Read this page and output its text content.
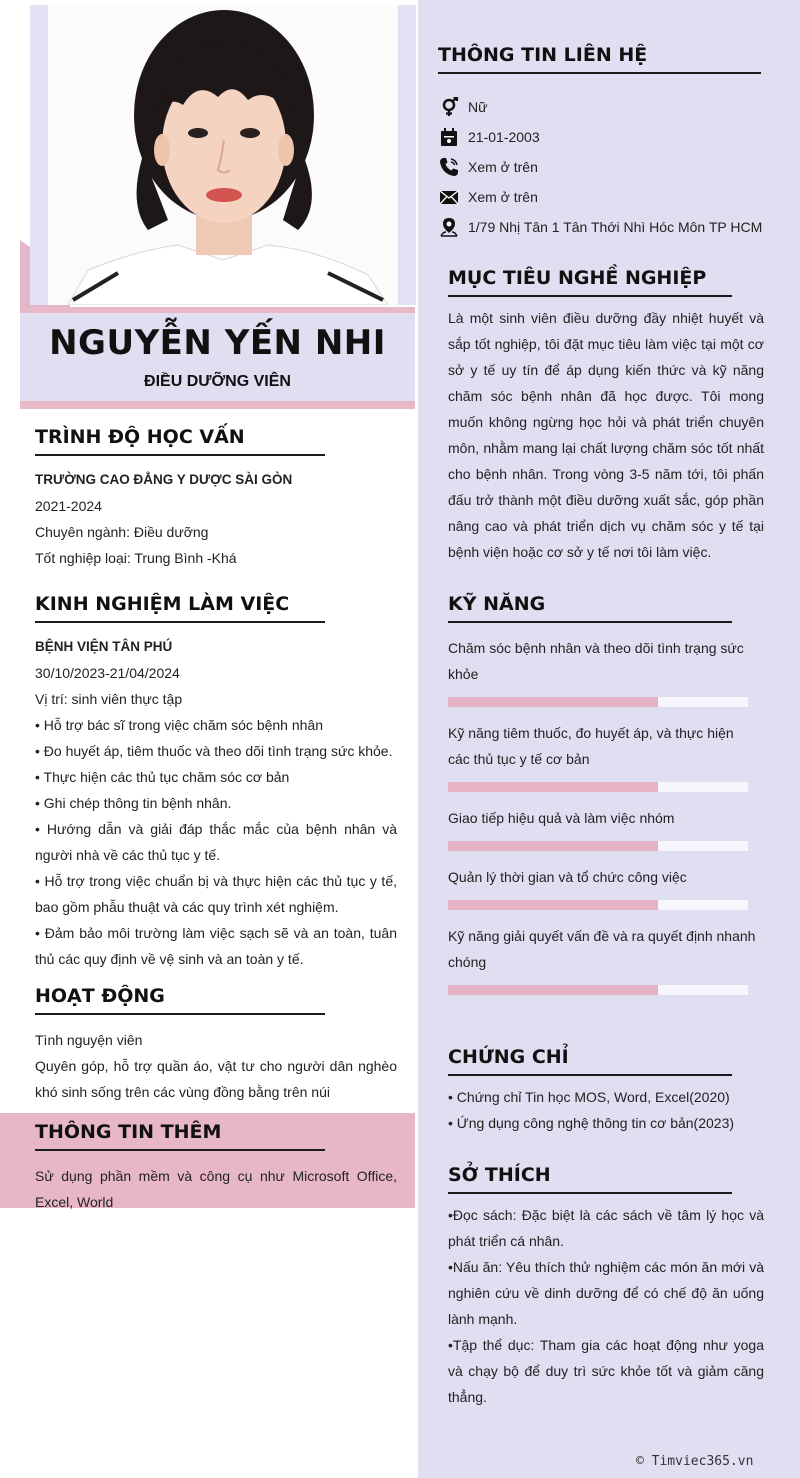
NGUYỄN YẾN NHI
ĐIỀU DƯỠNG VIÊN
TRÌNH ĐỘ HỌC VẤN
TRƯỜNG CAO ĐẲNG Y DƯỢC SÀI GÒN
2021-2024
Chuyên ngành: Điều dưỡng
Tốt nghiệp loại: Trung Bình -Khá
KINH NGHIỆM LÀM VIỆC
BỆNH VIỆN TÂN PHÚ
30/10/2023-21/04/2024
Vị trí: sinh viên thực tập
• Hỗ trợ bác sĩ trong việc chăm sóc bệnh nhân
• Đo huyết áp, tiêm thuốc và theo dõi tình trạng sức khỏe.
• Thực hiện các thủ tục chăm sóc cơ bản
• Ghi chép thông tin bệnh nhân.
• Hướng dẫn và giải đáp thắc mắc của bệnh nhân và người nhà về các thủ tục y tế.
• Hỗ trợ trong việc chuẩn bị và thực hiện các thủ tục y tế, bao gồm phẫu thuật và các quy trình xét nghiệm.
• Đảm bảo môi trường làm việc sạch sẽ và an toàn, tuân thủ các quy định về vệ sinh và an toàn y tế.
HOẠT ĐỘNG
Tình nguyện viên
Quyên góp, hỗ trợ quần áo, vật tư cho người dân nghèo khó sinh sống trên các vùng đồng bằng trên núi
THÔNG TIN THÊM
Sử dụng phần mềm và công cụ như Microsoft Office, Excel, World
THÔNG TIN LIÊN HỆ
Nữ
21-01-2003
Xem ở trên
Xem ở trên
1/79 Nhị Tân 1 Tân Thới Nhì Hóc Môn TP HCM
MỤC TIÊU NGHỀ NGHIỆP
Là một sinh viên điều dưỡng đầy nhiệt huyết và sắp tốt nghiệp, tôi đặt mục tiêu làm việc tại một cơ sở y tế uy tín để áp dụng kiến thức và kỹ năng chăm sóc bệnh nhân đã học được. Tôi mong muốn không ngừng học hỏi và phát triển chuyên môn, nhằm mang lại chất lượng chăm sóc tốt nhất cho bệnh nhân. Trong vòng 3-5 năm tới, tôi phấn đấu trở thành một điều dưỡng xuất sắc, góp phần nâng cao và phát triển dịch vụ chăm sóc y tế tại bệnh viện hoặc cơ sở y tế nơi tôi làm việc.
KỸ NĂNG
Chăm sóc bệnh nhân và theo dõi tình trạng sức khỏe
Kỹ năng tiêm thuốc, đo huyết áp, và thực hiện các thủ tục y tế cơ bản
Giao tiếp hiệu quả và làm việc nhóm
Quản lý thời gian và tổ chức công việc
Kỹ năng giải quyết vấn đề và ra quyết định nhanh chóng
CHỨNG CHỈ
• Chứng chỉ Tin học MOS, Word, Excel(2020)
• Ứng dụng công nghệ thông tin cơ bản(2023)
SỞ THÍCH
•Đọc sách: Đặc biệt là các sách về tâm lý học và phát triển cá nhân.
•Nấu ăn: Yêu thích thử nghiệm các món ăn mới và nghiên cứu về dinh dưỡng để có chế độ ăn uống lành mạnh.
•Tập thể dục: Tham gia các hoạt động như yoga và chạy bộ để duy trì sức khỏe tốt và giảm căng thẳng.
© Timviec365.vn
